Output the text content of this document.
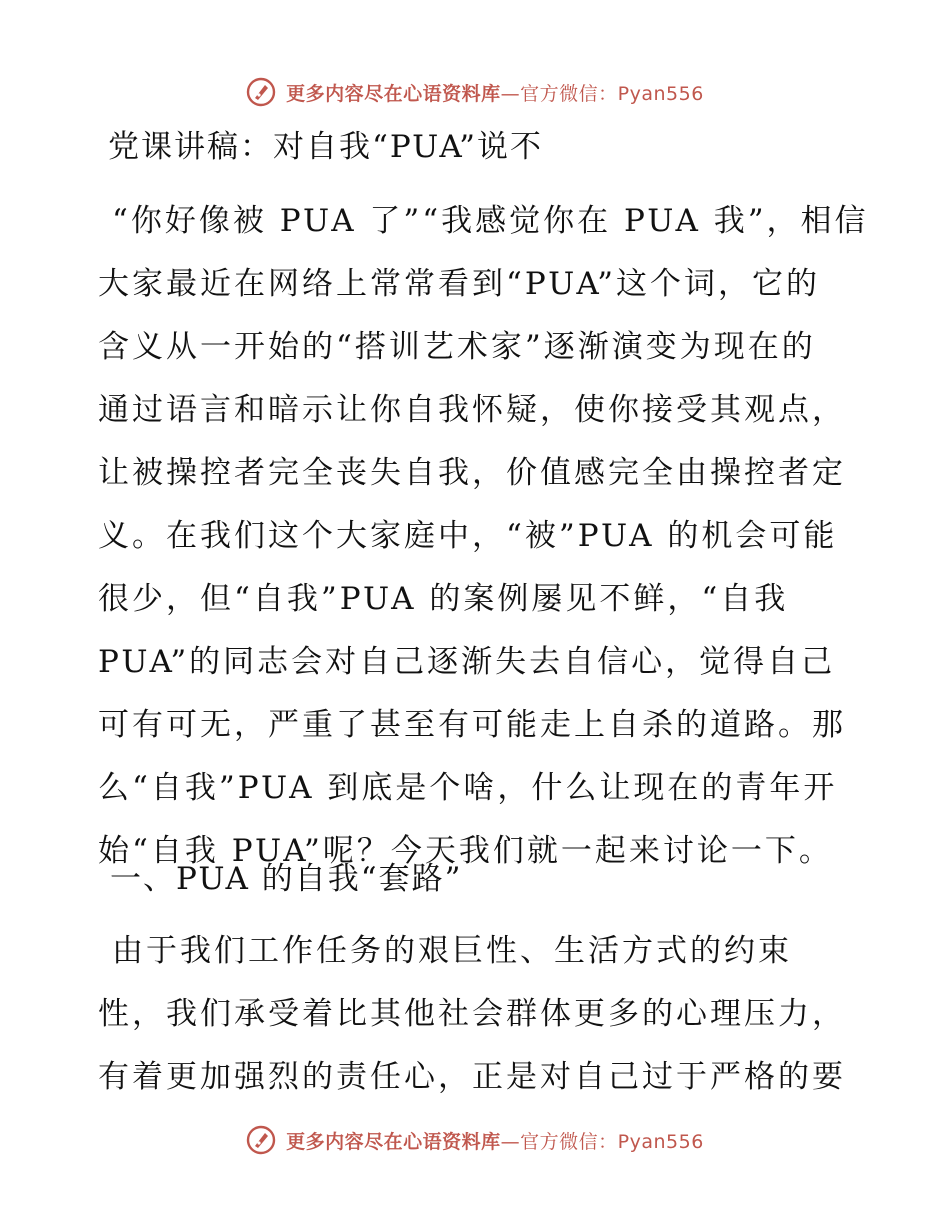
更多内容尽在心语资料库—官方微信：Pyan556
党课讲稿：对自我“PUA”说不
“你好像被 PUA 了”“我感觉你在 PUA 我”，相信
大家最近在网络上常常看到“PUA”这个词，它的
含义从一开始的“搭训艺术家”逐渐演变为现在的
通过语言和暗示让你自我怀疑，使你接受其观点，
让被操控者完全丧失自我，价值感完全由操控者定
义。在我们这个大家庭中，“被”PUA 的机会可能
很少，但“自我”PUA 的案例屡见不鲜，“自我
PUA”的同志会对自己逐渐失去自信心，觉得自己
可有可无，严重了甚至有可能走上自杀的道路。那
么“自我”PUA 到底是个啥，什么让现在的青年开
始“自我 PUA”呢？今天我们就一起来讨论一下。
一、PUA 的自我“套路”
由于我们工作任务的艰巨性、生活方式的约束
性，我们承受着比其他社会群体更多的心理压力，
有着更加强烈的责任心，正是对自己过于严格的要
更多内容尽在心语资料库—官方微信：Pyan556
